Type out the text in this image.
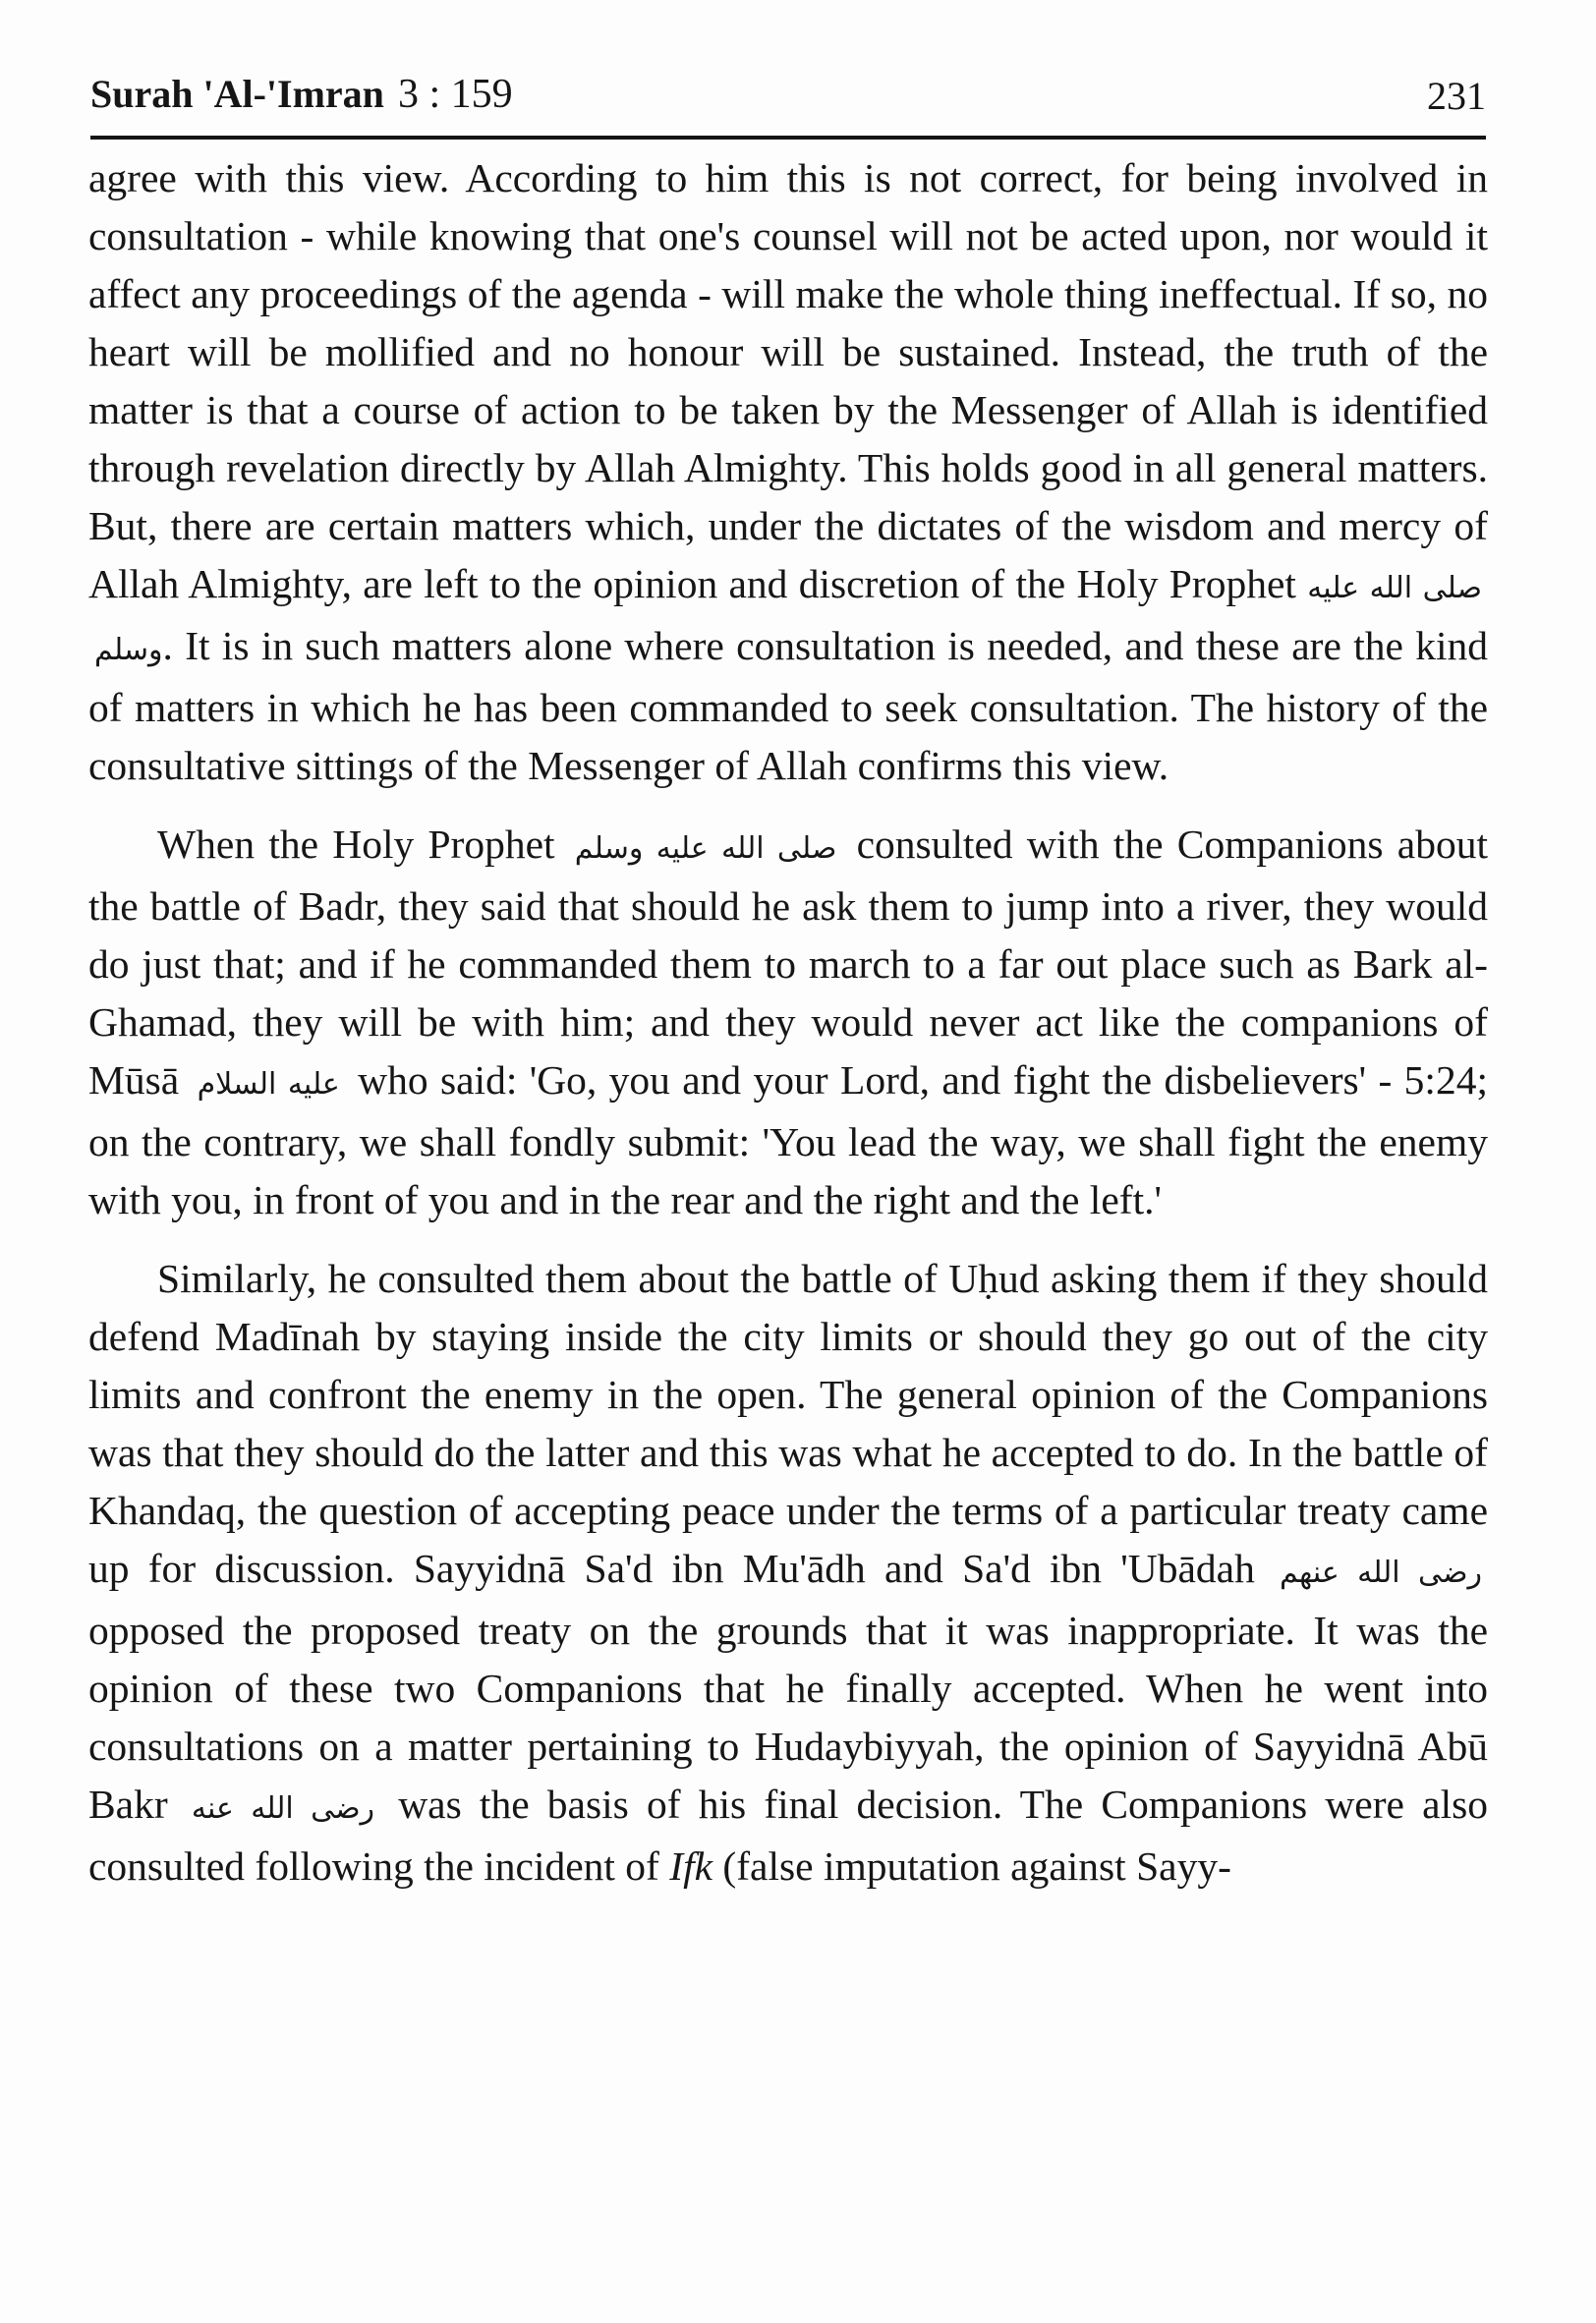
Surah 'Al-'Imran 3 : 159	231

agree with this view. According to him this is not correct, for being involved in consultation - while knowing that one's counsel will not be acted upon, nor would it affect any proceedings of the agenda - will make the whole thing ineffectual. If so, no heart will be mollified and no honour will be sustained. Instead, the truth of the matter is that a course of action to be taken by the Messenger of Allah is identified through revelation directly by Allah Almighty. This holds good in all general matters. But, there are certain matters which, under the dictates of the wisdom and mercy of Allah Almighty, are left to the opinion and discretion of the Holy Prophet صلى الله عليه وسلم. It is in such matters alone where consultation is needed, and these are the kind of matters in which he has been commanded to seek consultation. The history of the consultative sittings of the Messenger of Allah confirms this view.

When the Holy Prophet صلى الله عليه وسلم consulted with the Companions about the battle of Badr, they said that should he ask them to jump into a river, they would do just that; and if he commanded them to march to a far out place such as Bark al-Ghamad, they will be with him; and they would never act like the companions of Mūsā عليه السلام who said: 'Go, you and your Lord, and fight the disbelievers' - 5:24; on the contrary, we shall fondly submit: 'You lead the way, we shall fight the enemy with you, in front of you and in the rear and the right and the left.'

Similarly, he consulted them about the battle of Uḥud asking them if they should defend Madīnah by staying inside the city limits or should they go out of the city limits and confront the enemy in the open. The general opinion of the Companions was that they should do the latter and this was what he accepted to do. In the battle of Khandaq, the question of accepting peace under the terms of a particular treaty came up for discussion. Sayyidnā Sa'd ibn Mu'ādh and Sa'd ibn 'Ubādah رضى الله عنهم opposed the proposed treaty on the grounds that it was inappropriate. It was the opinion of these two Companions that he finally accepted. When he went into consultations on a matter pertaining to Hudaybiyyah, the opinion of Sayyidnā Abū Bakr رضى الله عنه was the basis of his final decision. The Companions were also consulted following the incident of Ifk (false imputation against Sayy-
